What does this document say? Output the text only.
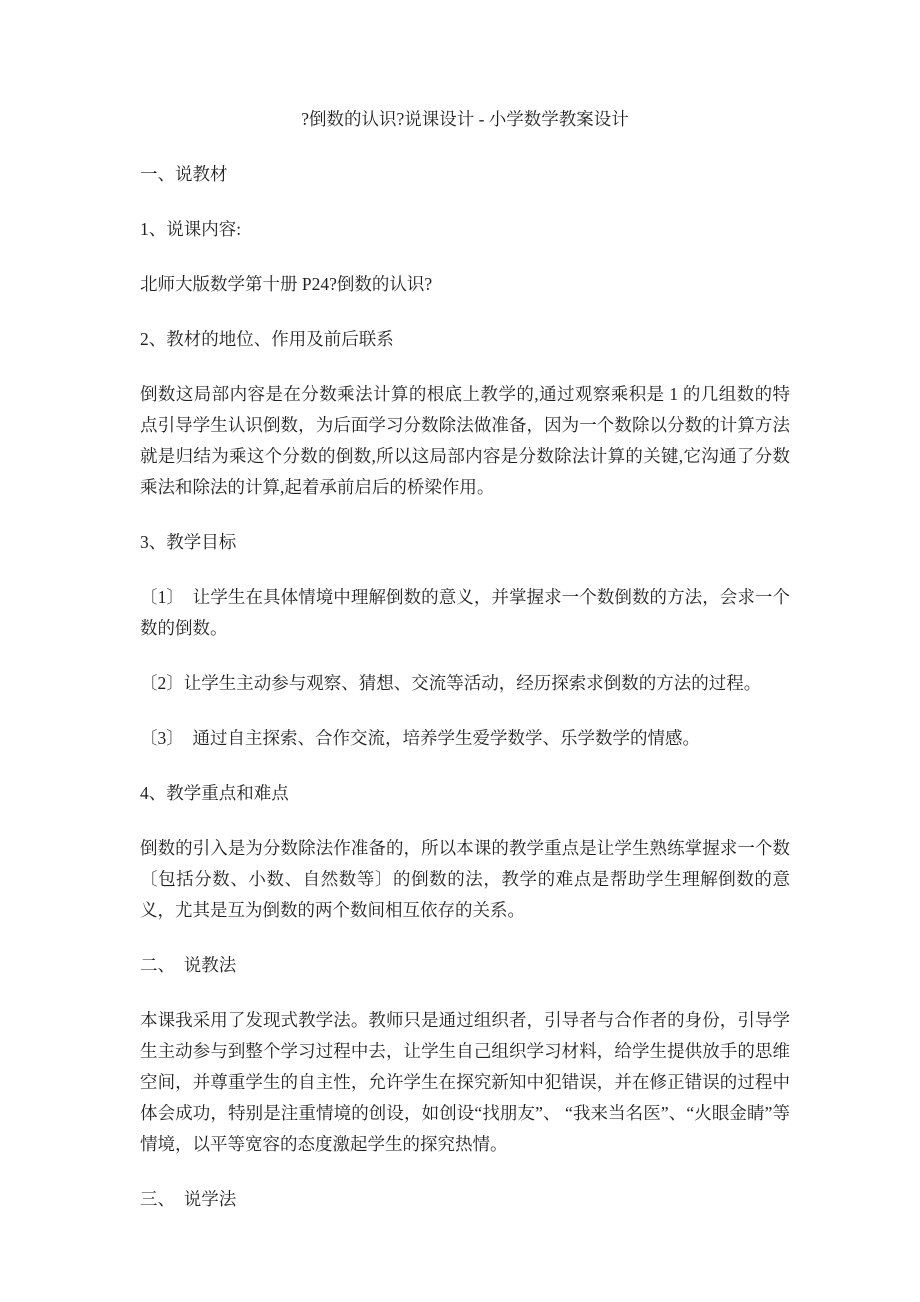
?倒数的认识?说课设计 - 小学数学教案设计

一、说教材

1、说课内容:

北师大版数学第十册 P24?倒数的认识?

2、教材的地位、作用及前后联系

倒数这局部内容是在分数乘法计算的根底上教学的,通过观察乘积是 1 的几组数的特点引导学生认识倒数，为后面学习分数除法做准备，因为一个数除以分数的计算方法就是归结为乘这个分数的倒数,所以这局部内容是分数除法计算的关键,它沟通了分数乘法和除法的计算,起着承前启后的桥梁作用。

3、教学目标

〔1〕　让学生在具体情境中理解倒数的意义，并掌握求一个数倒数的方法，会求一个数的倒数。

〔2〕让学生主动参与观察、猜想、交流等活动，经历探索求倒数的方法的过程。

〔3〕　通过自主探索、合作交流，培养学生爱学数学、乐学数学的情感。

4、教学重点和难点

倒数的引入是为分数除法作准备的，所以本课的教学重点是让学生熟练掌握求一个数〔包括分数、小数、自然数等〕的倒数的法，教学的难点是帮助学生理解倒数的意义，尤其是互为倒数的两个数间相互依存的关系。

二、　说教法

本课我采用了发现式教学法。教师只是通过组织者，引导者与合作者的身份，引导学生主动参与到整个学习过程中去，让学生自己组织学习材料，给学生提供放手的思维空间，并尊重学生的自主性，允许学生在探究新知中犯错误，并在修正错误的过程中体会成功，特别是注重情境的创设，如创设“找朋友”、 “我来当名医”、“火眼金睛”等情境，以平等宽容的态度激起学生的探究热情。

三、　说学法
